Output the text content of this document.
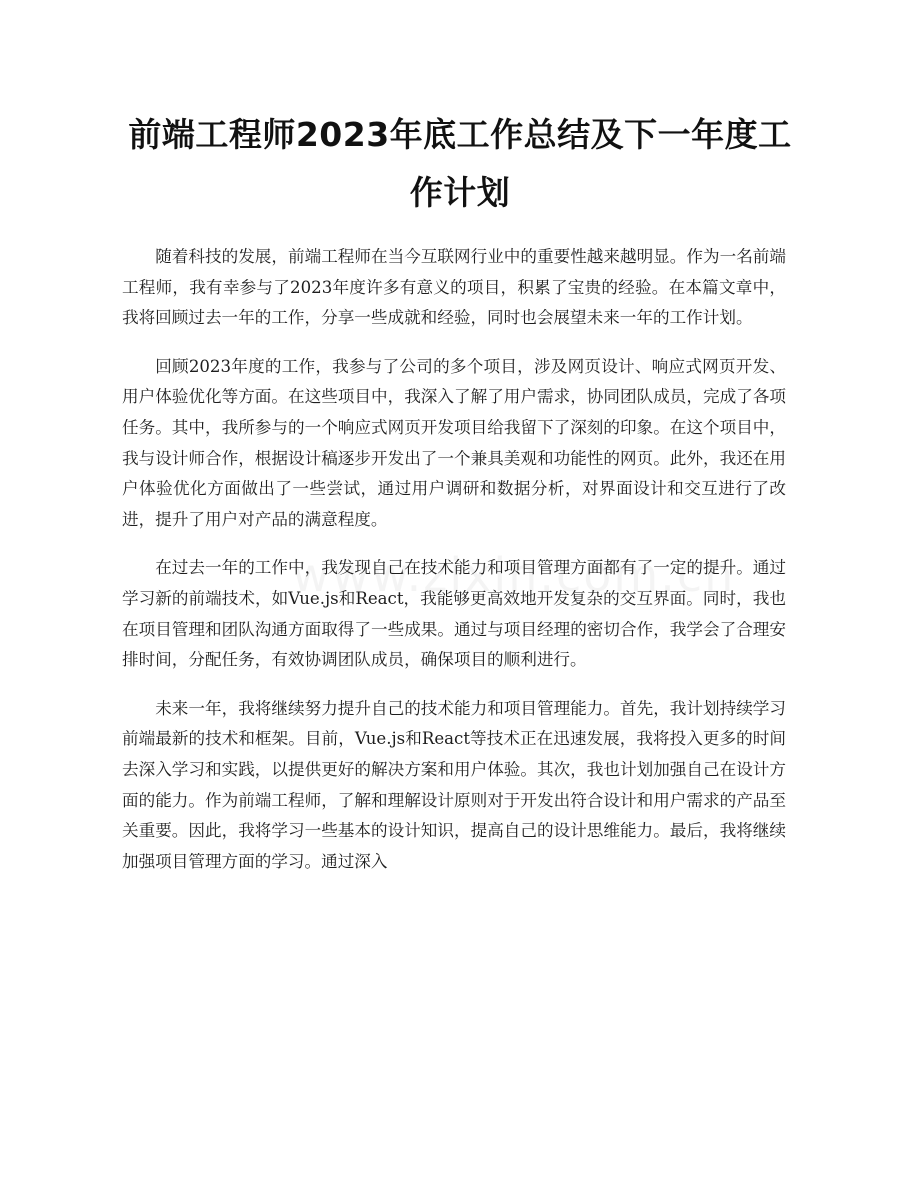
前端工程师2023年底工作总结及下一年度工作计划

随着科技的发展，前端工程师在当今互联网行业中的重要性越来越明显。作为一名前端工程师，我有幸参与了2023年度许多有意义的项目，积累了宝贵的经验。在本篇文章中，我将回顾过去一年的工作，分享一些成就和经验，同时也会展望未来一年的工作计划。

回顾2023年度的工作，我参与了公司的多个项目，涉及网页设计、响应式网页开发、用户体验优化等方面。在这些项目中，我深入了解了用户需求，协同团队成员，完成了各项任务。其中，我所参与的一个响应式网页开发项目给我留下了深刻的印象。在这个项目中，我与设计师合作，根据设计稿逐步开发出了一个兼具美观和功能性的网页。此外，我还在用户体验优化方面做出了一些尝试，通过用户调研和数据分析，对界面设计和交互进行了改进，提升了用户对产品的满意程度。

在过去一年的工作中，我发现自己在技术能力和项目管理方面都有了一定的提升。通过学习新的前端技术，如Vue.js和React，我能够更高效地开发复杂的交互界面。同时，我也在项目管理和团队沟通方面取得了一些成果。通过与项目经理的密切合作，我学会了合理安排时间，分配任务，有效协调团队成员，确保项目的顺利进行。

未来一年，我将继续努力提升自己的技术能力和项目管理能力。首先，我计划持续学习前端最新的技术和框架。目前，Vue.js和React等技术正在迅速发展，我将投入更多的时间去深入学习和实践，以提供更好的解决方案和用户体验。其次，我也计划加强自己在设计方面的能力。作为前端工程师，了解和理解设计原则对于开发出符合设计和用户需求的产品至关重要。因此，我将学习一些基本的设计知识，提高自己的设计思维能力。最后，我将继续加强项目管理方面的学习。通过深入
